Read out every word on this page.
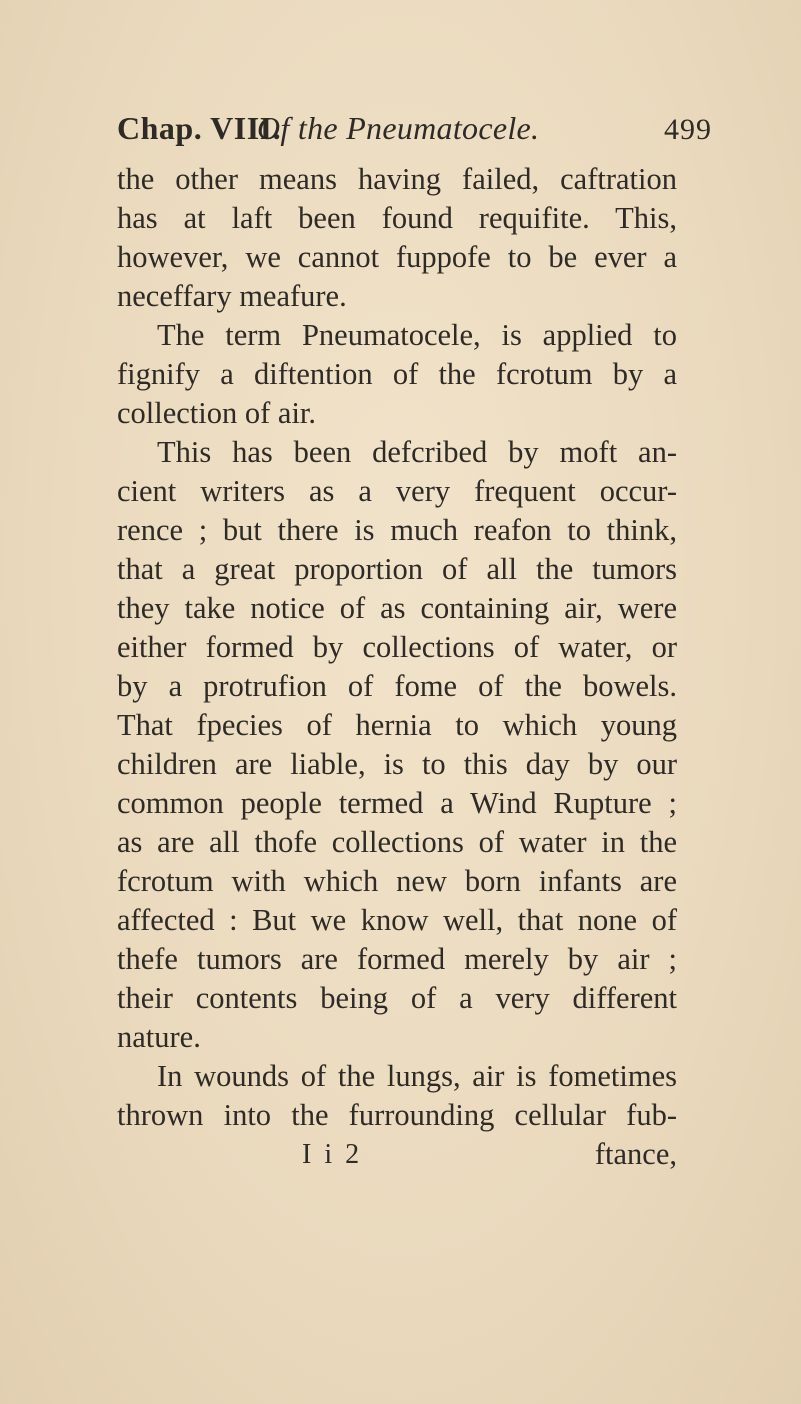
Chap. VIII.
Of the Pneumatocele.	499
the other means having failed, caftration
has at laft been found requifite. This,
however, we cannot fuppofe to be ever a
neceffary meafure.
The term Pneumatocele, is applied to
fignify a diftention of the fcrotum by a
collection of air.
This has been defcribed by moft an-
cient writers as a very frequent occur-
rence ; but there is much reafon to think,
that a great proportion of all the tumors
they take notice of as containing air, were
either formed by collections of water, or
by a protrufion of fome of the bowels.
That fpecies of hernia to which young
children are liable, is to this day by our
common people termed a Wind Rupture ;
as are all thofe collections of water in the
fcrotum with which new born infants are
affected : But we know well, that none of
thefe tumors are formed merely by air ;
their contents being of a very different
nature.
In wounds of the lungs, air is fometimes
thrown into the furrounding cellular fub-
I i 2	ftance,
